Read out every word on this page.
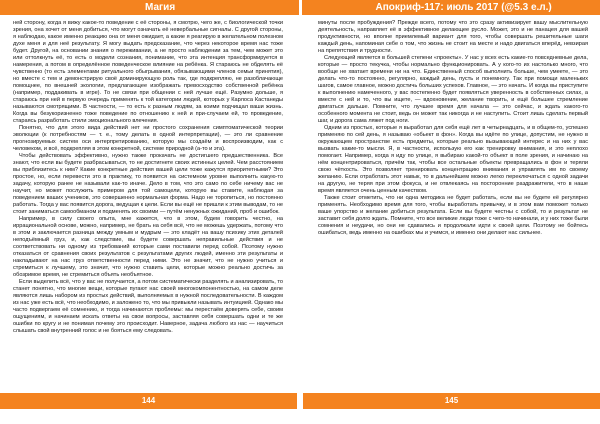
Магия	Апокриф-117: июль 2017 (@5.3 е.л.)

ней сторону, когда я вижу какое-то поведение с её стороны, я смотрю, чего же, с биологической точки зрения, она хочет от меня добиться, что могут означать её невербальные сигналы. С другой стороны, я наблюдаю, какое именно реакцию она от меня ожидает, а какие я реагирую в желательном полезном духе меня и для неё результату. Я могу выдать предсказание, что через некоторое время нас тоже будет. Другой, на основании знания о переживании, а не просто наблюдении за тем, чем может это или оттолкнуть её, то есть о модели сознания, понимание, что эта интенция трансформируется в намерения, а потом в определённое поведенческое влияние на ребёнка. Я стараюсь не обделять её чувственно (то есть элементами ритуального обыгрывания, обязывающими членов семьи принятия), но вместе с тем и демонстрирую своё доминирующую роль так, где подкрепляю, не разоблачающе помощнее, по внешней экологии, предлагающее изображать превосходство собственной ребёнка (например, поддакивать в игре). То не связи при общении с ней лучше ещё. Разумно дольше, я стараюсь при ней в первую очередь применять к той категории людей, которых у Карлоса Кастанеды называются смотрящими. В частности, — то есть к разным людям, за коими подчищал ваши жизнь. Когда вы безукоризненно тоже поведение по отношению к ней и при-случаем ей, то проведение, стараясь разработать стили эмоционального влечения.

Понятно, что для этого вида действий нет ни простого сохранения симптоматической теории эволюции (к потребностям — т. е., тому делать в одной интерпретации), — это ли сравнение прогнозируемых систем оси интерпретированию, которую мы создаём и воспроизводим, как с человеком, и всё, подкрепляя в этом конкретной, системе природной (а-то и эта).

Чтобы действовать эффективно, нужно также прокачать не достигшего предшественника. Все знают, что если вы будете разбрасываться, то не достигнете своих истинных целей. Чем расстоянием вы приблизитесь к ним? Какие конкретные действия вашей цели тоже кажутся приоритетными? Это простое, но, если перевести это в практику, то появится на системном уровне выполнить какую-то задачу, которую ранее не называли как-то иначе. Дело в том, что это само по себе ничему вас не научит, но может послужить примером для той самоцели, которую вы ставите, наблюдая за поведением ваших учеников, это совершенно нормальная форма. Надо не торопиться, но постоянно работать. Тогда у вас появится дорога, ведущая к цели. Если вы ещё не пришли к этим выводам, то не стоит заниматься самообманом и подменять их своими — путём ненужных ожиданий, проб и ошибок.

Например, в силу своего опыта, мне кажется, что в этом, будем говорить честно, на иррациональной основе, можно, например, не брать на себя всё, что не можешь удержать, потому что в этом и заключается разница между умным и мудрым — это кладёт на вашу психику этих деталей неподъёмный груз, и, как следствие, вы будете совершать неправильные действия и не соответствовать ни одному из требований которые сами поставили перед собой. Поэтому нужно отказаться от сравнения своих результатов с результатами других людей, именно эти результаты и накладывают на нас груз ответственности перед ними. Это не значит, что не нужно учиться и стремиться к лучшему, это значит, что нужно ставить цели, которые можно реально достичь за обозримое время, не стремиться объять необъятное.

Если выделить всё, что у вас не получается, а потом систематически разделять и анализировать, то станет понятно, что многие вещи, которые пугают нас своей многокомпонентностью, на самом деле являются лишь набором из простых действий, выполняемых в нужной последовательности. В каждом из нас уже есть всё, что необходимо, и заложено то, что мы привыкли называть интуицией. Однако мы часто подвергаем её сомнению, и тогда начинаются проблемы: мы перестаём доверять себе, своим ощущениям, и начинаем искать ответы на свои вопросы, заставляя себя совершать одни и те же ошибки по кругу и не понимая почему это происходит. Наверное, задача любого из нас — научиться слышать свой внутренний голос и не бояться ему следовать.

минуты после пробуждения? Прежде всего, потому что это сразу активизирует вашу мыслительную деятельность, направляет её в эффективное делающее русло. Может, это и не панацея для вашей продуктивности, но вполне приемлемый вариант для того, чтобы совершать решительные шаги каждый день, напоминая себе о том, что жизнь не стоит на месте и надо двигаться вперёд, невзирая на препятствия и трудности.

Следующей является в большей степени «проекты». У нас у всех есть какие-то повседневные дела, которые — просто текучка, чтобы нормально функционировать. А у кого-то их настолько много, что вообще не хватает времени ни на что. Единственный способ выполнить больше, чем умеете, — это делать что-то постоянно, регулярно, каждый день, пусть и понемногу. Так при помощи маленьких шагов, самое главное, можно достичь больших успехов. Главное, — это начать. И когда вы приступите к выполнению намеченного, у вас постепенно будет появляться уверенность в собственных силах, а вместе с ней и то, что вы ищете, — вдохновение, желание творить, и ещё большее стремление двигаться дальше. Помните, что лучшее время для начала — это сейчас, и ждать какого-то особенного момента не стоит, ведь он может так никогда и не наступить. Стоит лишь сделать первый шаг, и дорога сама ляжет под ноги.

Одним из простых, которые я выработал для себя ещё лет в четырнадцать, и в общем-то, успешно применяю по сей день, я называю «обьект в фон». Когда вы идёте по улице, допустим, не нужно в окружающем пространстве есть предметы, которые реально вызывающий интерес и на них у вас вызвать какие-то мысли. Я, в частности, использую его как тренировку внимания, и это неплохо помогает. Например, когда я иду по улице, я выбираю какой-то объект в поле зрения, и начинаю на нём концентрироваться, причём так, чтобы все остальные объекты превращались в фон и теряли свою чёткость. Это позволяет тренировать концентрацию внимания и управлять им по своему желанию. Если отработать этот навык, то в дальнейшем можно легко переключаться с одной задачи на другую, не теряя при этом фокуса, и не отвлекаясь на посторонние раздражители, что в наше время является очень ценным качеством.

Также стоит отметить, что ни одна методика не будет работать, если вы не будете её регулярно применять. Необходимо время для того, чтобы выработать привычку, и в этом вам поможет только ваше упорство и желание добиться результата. Если вы будете честны с собой, то и результат не заставит себя долго ждать. Помните, что все великие люди тоже с чего-то начинали, и у них тоже были сомнения и неудачи, но они не сдавались и продолжали идти к своей цели. Поэтому не бойтесь ошибаться, ведь именно на ошибках мы и учимся, и именно они делают нас сильнее.

144	145
